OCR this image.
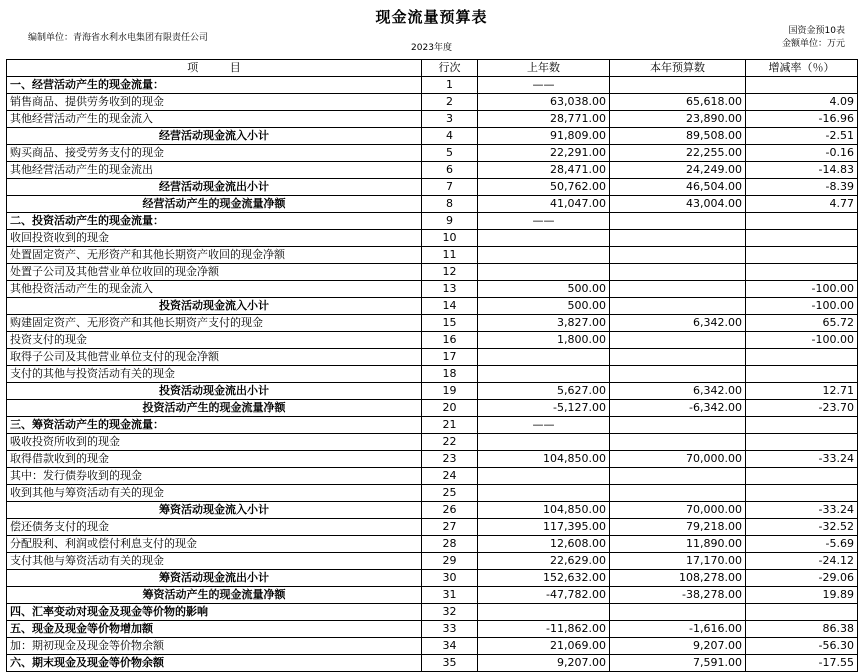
现金流量预算表
编制单位：青海省水利水电集团有限责任公司
2023年度
国资金预10表
金额单位：万元
项 目	行次	上年数	本年预算数	增减率（％）
一、经营活动产生的现金流量：	1	——		
销售商品、提供劳务收到的现金	2	63,038.00	65,618.00	4.09
其他经营活动产生的现金流入	3	28,771.00	23,890.00	-16.96
经营活动现金流入小计	4	91,809.00	89,508.00	-2.51
购买商品、接受劳务支付的现金	5	22,291.00	22,255.00	-0.16
其他经营活动产生的现金流出	6	28,471.00	24,249.00	-14.83
经营活动现金流出小计	7	50,762.00	46,504.00	-8.39
经营活动产生的现金流量净额	8	41,047.00	43,004.00	4.77
二、投资活动产生的现金流量：	9	——		
收回投资收到的现金	10			
处置固定资产、无形资产和其他长期资产收回的现金净额	11			
处置子公司及其他营业单位收回的现金净额	12			
其他投资活动产生的现金流入	13	500.00		-100.00
投资活动现金流入小计	14	500.00		-100.00
购建固定资产、无形资产和其他长期资产支付的现金	15	3,827.00	6,342.00	65.72
投资支付的现金	16	1,800.00		-100.00
取得子公司及其他营业单位支付的现金净额	17			
支付的其他与投资活动有关的现金	18			
投资活动现金流出小计	19	5,627.00	6,342.00	12.71
投资活动产生的现金流量净额	20	-5,127.00	-6,342.00	-23.70
三、筹资活动产生的现金流量：	21	——		
吸收投资所收到的现金	22			
取得借款收到的现金	23	104,850.00	70,000.00	-33.24
其中：发行债券收到的现金	24			
收到其他与筹资活动有关的现金	25			
筹资活动现金流入小计	26	104,850.00	70,000.00	-33.24
偿还债务支付的现金	27	117,395.00	79,218.00	-32.52
分配股利、利润或偿付利息支付的现金	28	12,608.00	11,890.00	-5.69
支付其他与筹资活动有关的现金	29	22,629.00	17,170.00	-24.12
筹资活动现金流出小计	30	152,632.00	108,278.00	-29.06
筹资活动产生的现金流量净额	31	-47,782.00	-38,278.00	19.89
四、汇率变动对现金及现金等价物的影响	32			
五、现金及现金等价物增加额	33	-11,862.00	-1,616.00	86.38
加：期初现金及现金等价物余额	34	21,069.00	9,207.00	-56.30
六、期末现金及现金等价物余额	35	9,207.00	7,591.00	-17.55
